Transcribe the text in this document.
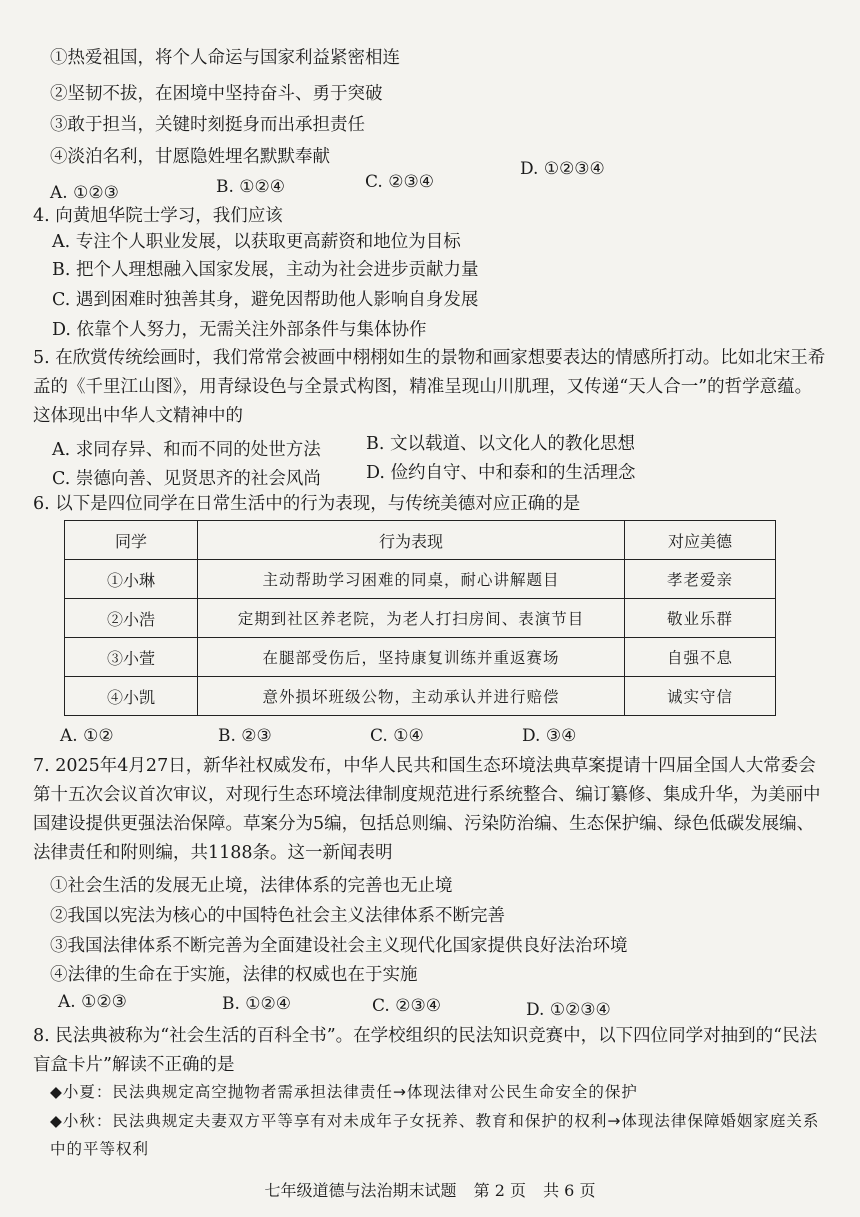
①热爱祖国，将个人命运与国家利益紧密相连
②坚韧不拔，在困境中坚持奋斗、勇于突破
③敢于担当，关键时刻挺身而出承担责任
④淡泊名利，甘愿隐姓埋名默默奉献
A. ①②③	B. ①②④	C. ②③④
D. ①②③④
4. 向黄旭华院士学习，我们应该
A. 专注个人职业发展，以获取更高薪资和地位为目标
B. 把个人理想融入国家发展，主动为社会进步贡献力量
C. 遇到困难时独善其身，避免因帮助他人影响自身发展
D. 依靠个人努力，无需关注外部条件与集体协作
5. 在欣赏传统绘画时，我们常常会被画中栩栩如生的景物和画家想要表达的情感所打动。比如北宋王希孟的《千里江山图》，用青绿设色与全景式构图，精准呈现山川肌理，又传递“天人合一”的哲学意蕴。这体现出中华人文精神中的
A. 求同存异、和而不同的处世方法	B. 文以载道、以文化人的教化思想
C. 崇德向善、见贤思齐的社会风尚	D. 俭约自守、中和泰和的生活理念
6. 以下是四位同学在日常生活中的行为表现，与传统美德对应正确的是
同学	行为表现	对应美德
①小琳	主动帮助学习困难的同桌，耐心讲解题目	孝老爱亲
②小浩	定期到社区养老院，为老人打扫房间、表演节目	敬业乐群
③小萱	在腿部受伤后，坚持康复训练并重返赛场	自强不息
④小凯	意外损坏班级公物，主动承认并进行赔偿	诚实守信
A. ①②	B. ②③	C. ①④	D. ③④
7. 2025年4月27日，新华社权威发布，中华人民共和国生态环境法典草案提请十四届全国人大常委会第十五次会议首次审议，对现行生态环境法律制度规范进行系统整合、编订纂修、集成升华，为美丽中国建设提供更强法治保障。草案分为5编，包括总则编、污染防治编、生态保护编、绿色低碳发展编、法律责任和附则编，共1188条。这一新闻表明
①社会生活的发展无止境，法律体系的完善也无止境
②我国以宪法为核心的中国特色社会主义法律体系不断完善
③我国法律体系不断完善为全面建设社会主义现代化国家提供良好法治环境
④法律的生命在于实施，法律的权威也在于实施
A. ①②③	B. ①②④	C. ②③④	D. ①②③④
8. 民法典被称为“社会生活的百科全书”。在学校组织的民法知识竞赛中，以下四位同学对抽到的“民法盲盒卡片”解读不正确的是
◆小夏：民法典规定高空抛物者需承担法律责任→体现法律对公民生命安全的保护
◆小秋：民法典规定夫妻双方平等享有对未成年子女抚养、教育和保护的权利→体现法律保障婚姻家庭关系中的平等权利
七年级道德与法治期末试题 第 2 页 共 6 页
